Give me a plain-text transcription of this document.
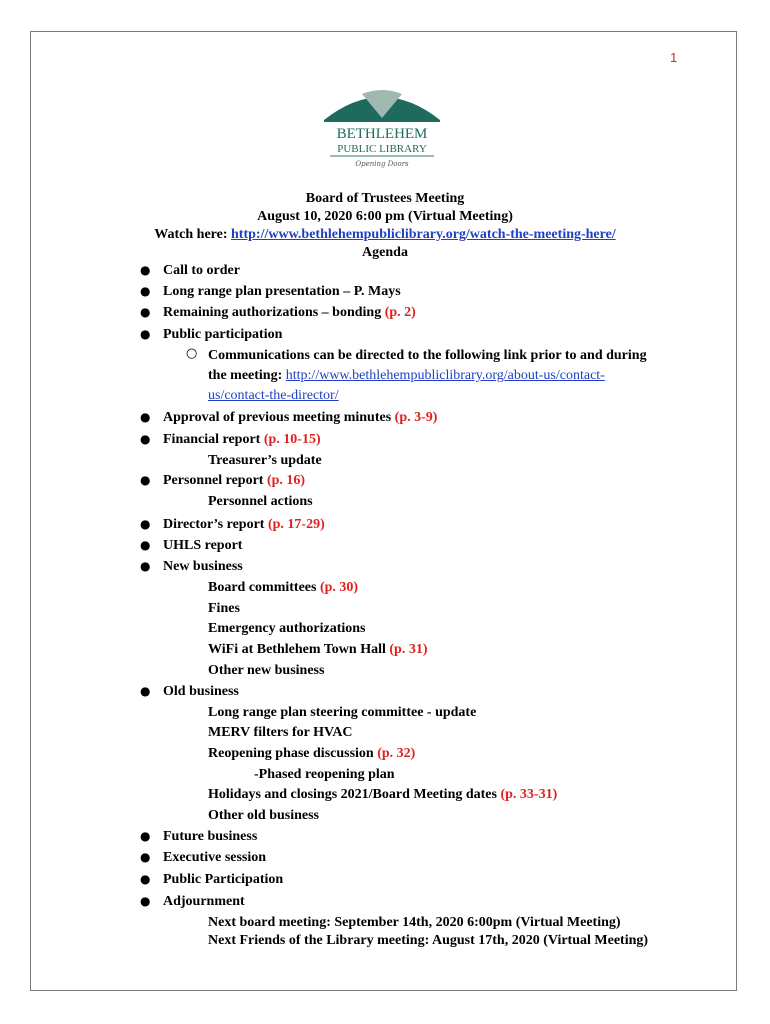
1
BETHLEHEM
PUBLIC LIBRARY
Opening Doors
Board of Trustees Meeting
August 10, 2020 6:00 pm (Virtual Meeting)
Watch here: http://www.bethlehempubliclibrary.org/watch-the-meeting-here/
Agenda
● Call to order
● Long range plan presentation – P. Mays
● Remaining authorizations – bonding (p. 2)
● Public participation
○ Communications can be directed to the following link prior to and during
the meeting: http://www.bethlehempubliclibrary.org/about-us/contact-
us/contact-the-director/
● Approval of previous meeting minutes (p. 3-9)
● Financial report (p. 10-15)
Treasurer’s update
● Personnel report (p. 16)
Personnel actions
● Director’s report (p. 17-29)
● UHLS report
● New business
Board committees (p. 30)
Fines
Emergency authorizations
WiFi at Bethlehem Town Hall (p. 31)
Other new business
● Old business
Long range plan steering committee - update
MERV filters for HVAC
Reopening phase discussion (p. 32)
-Phased reopening plan
Holidays and closings 2021/Board Meeting dates (p. 33-31)
Other old business
● Future business
● Executive session
● Public Participation
● Adjournment
Next board meeting: September 14th, 2020 6:00pm (Virtual Meeting)
Next Friends of the Library meeting: August 17th, 2020 (Virtual Meeting)
